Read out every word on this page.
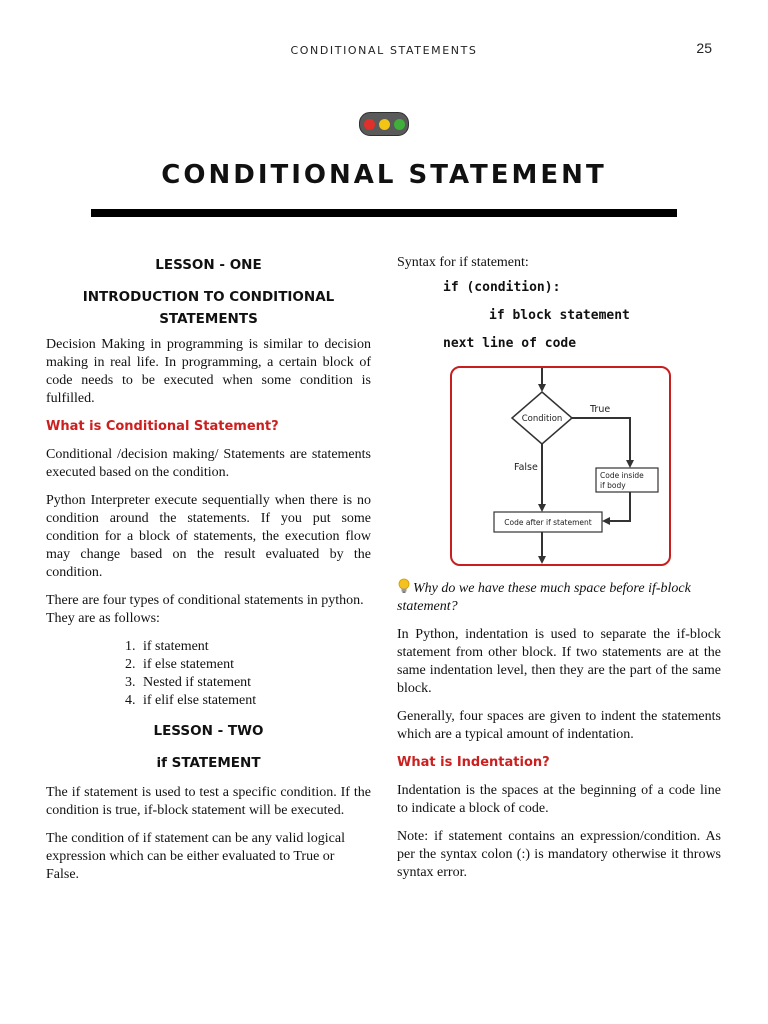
CONDITIONAL STATEMENTS	25
CONDITIONAL STATEMENT

LESSON - ONE

INTRODUCTION TO CONDITIONAL STATEMENTS

Decision Making in programming is similar to decision making in real life. In programming, a certain block of code needs to be executed when some condition is fulfilled.

What is Conditional Statement?

Conditional /decision making/ Statements are statements executed based on the condition.

Python Interpreter execute sequentially when there is no condition around the statements. If you put some condition for a block of statements, the execution flow may change based on the result evaluated by the condition.

There are four types of conditional statements in python. They are as follows:

1. if statement
2. if else statement
3. Nested if statement
4. if elif else statement

LESSON - TWO

if STATEMENT

The if statement is used to test a specific condition. If the condition is true, if-block statement will be executed.

The condition of if statement can be any valid logical expression which can be either evaluated to True or False.

Syntax for if statement:

if (condition):
if block statement
next line of code
Condition
True
False
Code inside
if body
Code after if statement

Why do we have these much space before if-block statement?

In Python, indentation is used to separate the if-block statement from other block. If two statements are at the same indentation level, then they are the part of the same block.

Generally, four spaces are given to indent the statements which are a typical amount of indentation.

What is Indentation?

Indentation is the spaces at the beginning of a code line to indicate a block of code.

Note: if statement contains an expression/condition. As per the syntax colon (:) is mandatory otherwise it throws syntax error.
